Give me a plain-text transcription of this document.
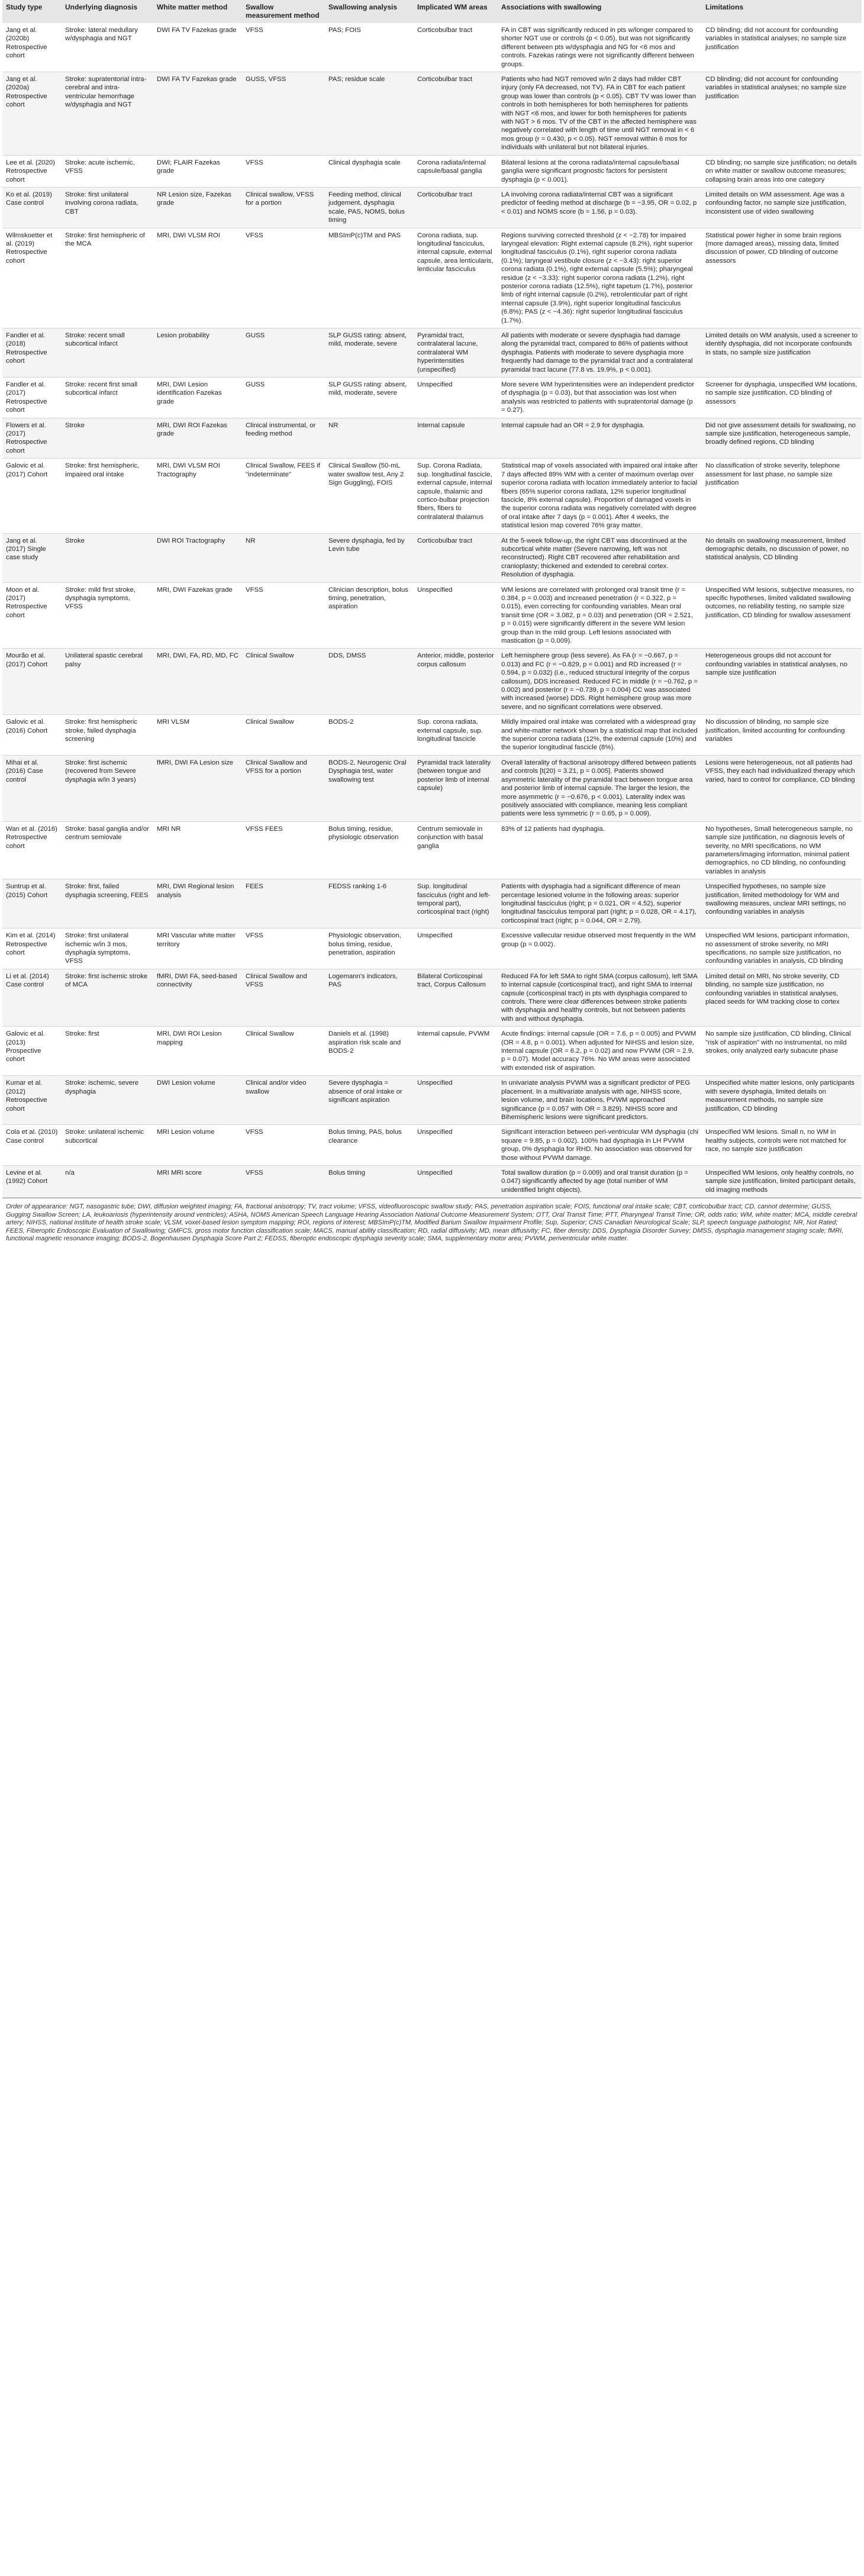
Study type	Underlying diagnosis	White matter method	Swallow measurement method	Swallowing analysis	Implicated WM areas	Associations with swallowing	Limitations
Jang et al. (2020b) Retrospective cohort	Stroke: lateral medullary w/dysphagia and NGT	DWI FA TV Fazekas grade	VFSS	PAS; FOIS	Corticobulbar tract	FA in CBT was significantly reduced in pts w/longer compared to shorter NGT use or controls (p < 0.05), but was not significantly different between pts w/dysphagia and NG for <6 mos and controls. Fazekas ratings were not significantly different between groups.	CD blinding; did not account for confounding variables in statistical analyses; no sample size justification
Jang et al. (2020a) Retrospective cohort	Stroke: supratentorial intra-cerebral and intra-ventricular hemorrhage w/dysphagia and NGT	DWI FA TV Fazekas grade	GUSS, VFSS	PAS; residue scale	Corticobulbar tract	Patients who had NGT removed w/in 2 days had milder CBT injury (only FA decreased, not TV). FA in CBT for each patient group was lower than controls (p < 0.05). CBT TV was lower than controls in both hemispheres for both hemispheres for patients with NGT <6 mos, and lower for both hemispheres for patients with NGT > 6 mos. TV of the CBT in the affected hemisphere was negatively correlated with length of time until NGT removal in < 6 mos group (r = 0.430, p < 0.05). NGT removal within 6 mos for individuals with unilateral but not bilateral injuries.	CD blinding; did not account for confounding variables in statistical analyses; no sample size justification
Lee et al. (2020) Retrospective cohort	Stroke: acute ischemic, VFSS	DWI; FLAIR Fazekas grade	VFSS	Clinical dysphagia scale	Corona radiata/internal capsule/basal ganglia	Bilateral lesions at the corona radiata/internal capsule/basal ganglia were significant prognostic factors for persistent dysphagia (p < 0.001).	CD blinding; no sample size justification; no details on white matter or swallow outcome measures; collapsing brain areas into one category
Ko et al. (2019) Case control	Stroke: first unilateral involving corona radiata, CBT	NR Lesion size, Fazekas grade	Clinical swallow, VFSS for a portion	Feeding method, clinical judgement, dysphagia scale, PAS, NOMS, bolus timing	Corticobulbar tract	LA involving corona radiata/internal CBT was a significant predictor of feeding method at discharge (b = −3.95, OR = 0.02, p < 0.01) and NOMS score (b = 1.56, p = 0.03).	Limited details on WM assessment. Age was a confounding factor, no sample size justification, inconsistent use of video swallowing
Wilmskoetter et al. (2019) Retrospective cohort	Stroke: first hemispheric of the MCA	MRI, DWI VLSM ROI	VFSS	MBSImP(c)TM and PAS	Corona radiata, sup. longitudinal fasciculus, internal capsule, external capsule, area lenticularis, lenticular fasciculus	Regions surviving corrected threshold (z < −2.78) for impaired laryngeal elevation: Right external capsule (8.2%), right superior longitudinal fasciculus (0.1%), right superior corona radiata (0.1%); laryngeal vestibule closure (z < −3.43): right superior corona radiata (0.1%), right external capsule (5.5%); pharyngeal residue (z < −3.33): right superior corona radiata (1.2%), right posterior corona radiata (12.5%), right tapetum (1.7%), posterior limb of right internal capsule (0.2%), retrolenticular part of right internal capsule (3.9%), right superior longitudinal fasciculus (6.8%); PAS (z < −4.36): right superior longitudinal fasciculus (1.7%).	Statistical power higher in some brain regions (more damaged areas), missing data, limited discussion of power, CD blinding of outcome assessors
Fandler et al. (2018) Retrospective cohort	Stroke: recent small subcortical infarct	Lesion probability	GUSS	SLP GUSS rating: absent, mild, moderate, severe	Pyramidal tract, contralateral lacune, contralateral WM hyperintensities (unspecified)	All patients with moderate or severe dysphagia had damage along the pyramidal tract, compared to 86% of patients without dysphagia. Patients with moderate to severe dysphagia more frequently had damage to the pyramidal tract and a contralateral pyramidal tract lacune (77.8 vs. 19.9%, p < 0.001).	Limited details on WM analysis, used a screener to identify dysphagia, did not incorporate confounds in stats, no sample size justification
Fandler et al. (2017) Retrospective cohort	Stroke: recent first small subcortical infarct	MRI, DWI Lesion identification Fazekas grade	GUSS	SLP GUSS rating: absent, mild, moderate, severe	Unspecified	More severe WM hyperintensities were an independent predictor of dysphagia (p = 0.03), but that association was lost when analysis was restricted to patients with supratentorial damage (p = 0.27).	Screener for dysphagia, unspecified WM locations, no sample size justification, CD blinding of assessors
Flowers et al. (2017) Retrospective cohort	Stroke	MRI, DWI ROI Fazekas grade	Clinical instrumental, or feeding method	NR	Internal capsule	Internal capsule had an OR = 2.9 for dysphagia.	Did not give assessment details for swallowing, no sample size justification, heterogeneous sample, broadly defined regions, CD blinding
Galovic et al. (2017) Cohort	Stroke: first hemispheric, impaired oral intake	MRI, DWI VLSM ROI Tractography	Clinical Swallow, FEES if "indeterminate"	Clinical Swallow (50-mL water swallow test, Any 2 Sign Guggling), FOIS	Sup. Corona Radiata, sup. longitudinal fascicle, external capsule, internal capsule, thalamic and cortico-bulbar projection fibers, fibers to contralateral thalamus	Statistical map of voxels associated with impaired oral intake after 7 days affected 89% WM with a center of maximum overlap over superior corona radiata with location immediately anterior to facial fibers (65% superior corona radiata, 12% superior longitudinal fascicle, 8% external capsule). Proportion of damaged voxels in the superior corona radiata was negatively correlated with degree of oral intake after 7 days (p = 0.001). After 4 weeks, the statistical lesion map covered 76% gray matter.	No classification of stroke severity, telephone assessment for last phase, no sample size justification
Jang et al. (2017) Single case study	Stroke	DWI ROI Tractography	NR	Severe dysphagia, fed by Levin tube	Corticobulbar tract	At the 5-week follow-up, the right CBT was discontinued at the subcortical white matter (Severe narrowing, left was not reconstructed). Right CBT recovered after rehabilitation and cranioplasty; thickened and extended to cerebral cortex. Resolution of dysphagia.	No details on swallowing measurement, limited demographic details, no discussion of power, no statistical analysis, CD blinding
Moon et al. (2017) Retrospective cohort	Stroke: mild first stroke, dysphagia symptoms, VFSS	MRI, DWI Fazekas grade	VFSS	Clinician description, bolus timing, penetration, aspiration	Unspecified	WM lesions are correlated with prolonged oral transit time (r = 0.384, p = 0.003) and increased penetration (r = 0.322, p = 0.015), even correcting for confounding variables. Mean oral transit time (OR = 3.082, p = 0.03) and penetration (OR = 2.521, p = 0.015) were significantly different in the severe WM lesion group than in the mild group. Left lesions associated with mastication (p = 0.009).	Unspecified WM lesions, subjective measures, no specific hypotheses, limited validated swallowing outcomes, no reliability testing, no sample size justification, CD blinding for swallow assessment
Mourão et al. (2017) Cohort	Unilateral spastic cerebral palsy	MRI, DWI, FA, RD, MD, FC	Clinical Swallow	DDS, DMSS	Anterior, middle, posterior corpus callosum	Left hemisphere group (less severe). As FA (r = −0.667, p = 0.013) and FC (r = −0.829, p = 0.001) and RD increased (r = 0.594, p = 0.032) (i.e., reduced structural integrity of the corpus callosum), DDS increased. Reduced FC in middle (r = −0.762, p = 0.002) and posterior (r = −0.739, p = 0.004) CC was associated with increased (worse) DDS. Right hemisphere group was more severe, and no significant correlations were observed.	Heterogeneous groups did not account for confounding variables in statistical analyses, no sample size justification
Galovic et al. (2016) Cohort	Stroke: first hemispheric stroke, failed dysphagia screening	MRI VLSM	Clinical Swallow	BODS-2	Sup. corona radiata, external capsule, sup. longitudinal fascicle	Mildly impaired oral intake was correlated with a widespread gray and white-matter network shown by a statistical map that included the superior corona radiata (12%, the external capsule (10%) and the superior longitudinal fascicle (8%).	No discussion of blinding, no sample size justification, limited accounting for confounding variables
Mihai et al. (2016) Case control	Stroke: first ischemic (recovered from Severe dysphagia w/in 3 years)	fMRI, DWI FA Lesion size	Clinical Swallow and VFSS for a portion	BODS-2, Neurogenic Oral Dysphagia test, water swallowing test	Pyramidal track laterality (between tongue and posterior limb of internal capsule)	Overall laterality of fractional anisotropy differed between patients and controls [t(20) = 3.21, p = 0.005]. Patients showed asymmetric laterality of the pyramidal tract between tongue area and posterior limb of internal capsule. The larger the lesion, the more asymmetric (r = −0.676, p < 0.001). Laterality index was positively associated with compliance, meaning less compliant patients were less symmetric (r = 0.65, p = 0.009).	Lesions were heterogeneous, not all patients had VFSS, they each had individualized therapy which varied, hard to control for compliance, CD blinding
Wan et al. (2016) Retrospective cohort	Stroke: basal ganglia and/or centrum semiovale	MRI NR	VFSS FEES	Bolus timing, residue, physiologic observation	Centrum semiovale in conjunction with basal ganglia	83% of 12 patients had dysphagia.	No hypotheses, Small heterogeneous sample, no sample size justification, no diagnosis levels of severity, no MRI specifications, no WM parameters/imaging information, minimal patient demographics, no CD blinding, no confounding variables in analysis
Suntrup et al. (2015) Cohort	Stroke: first, failed dysphagia screening, FEES	MRI, DWI Regional lesion analysis	FEES	FEDSS ranking 1-6	Sup. longitudinal fasciculus (right and left-temporal part), corticospinal tract (right)	Patients with dysphagia had a significant difference of mean percentage lesioned volume in the following areas: superior longitudinal fasciculus (right; p = 0.021, OR = 4.52), superior longitudinal fasciculus temporal part (right; p = 0.028, OR = 4.17), corticospinal tract (right; p = 0.044, OR = 2.79).	Unspecified hypotheses, no sample size justification, limited methodology for WM and swallowing measures, unclear MRI settings, no confounding variables in analysis
Kim et al. (2014) Retrospective cohort	Stroke: first unilateral ischemic w/in 3 mos, dysphagia symptoms, VFSS	MRI Vascular white matter territory	VFSS	Physiologic observation, bolus timing, residue, penetration, aspiration	Unspecified	Excessive vallecular residue observed most frequently in the WM group (p = 0.002).	Unspecified WM lesions, participant information, no assessment of stroke severity, no MRI specifications, no sample size justification, no confounding variables in analysis, CD blinding
Li et al. (2014) Case control	Stroke: first ischemic stroke of MCA	fMRI, DWI FA, seed-based connectivity	Clinical Swallow and VFSS	Logemann's indicators, PAS	Bilateral Corticospinal tract, Corpus Callosum	Reduced FA for left SMA to right SMA (corpus callosum), left SMA to internal capsule (corticospinal tract), and right SMA to internal capsule (corticospinal tract) in pts with dysphagia compared to controls. There were clear differences between stroke patients with dysphagia and healthy controls, but not between patients with and without dysphagia.	Limited detail on MRI, No stroke severity, CD blinding, no sample size justification, no confounding variables in statistical analyses, placed seeds for WM tracking close to cortex
Galovic et al. (2013) Prospective cohort	Stroke: first	MRI, DWI ROI Lesion mapping	Clinical Swallow	Daniels et al. (1998) aspiration risk scale and BODS-2	Internal capsule, PVWM	Acute findings: internal capsule (OR = 7.6, p = 0.005) and PVWM (OR = 4.8, p = 0.001). When adjusted for NIHSS and lesion size, internal capsule (OR = 6.2, p = 0.02) and now PVWM (OR = 2.9, p = 0.07). Model accuracy 76%. No WM areas were associated with extended risk of aspiration.	No sample size justification, CD blinding, Clinical "risk of aspiration" with no instrumental, no mild strokes, only analyzed early subacute phase
Kumar et al. (2012) Retrospective cohort	Stroke: ischemic, severe dysphagia	DWI Lesion volume	Clinical and/or video swallow	Severe dysphagia = absence of oral intake or significant aspiration	Unspecified	In univariate analysis PVWM was a significant predictor of PEG placement. In a multivariate analysis with age, NIHSS score, lesion volume, and brain locations, PVWM approached significance (p = 0.057 with OR = 3.829). NIHSS score and Bihemispheric lesions were significant predictors.	Unspecified white matter lesions, only participants with severe dysphagia, limited details on measurement methods, no sample size justification, CD blinding
Cola et al. (2010) Case control	Stroke: unilateral ischemic subcortical	MRI Lesion volume	VFSS	Bolus timing, PAS, bolus clearance	Unspecified	Significant interaction between peri-ventricular WM dysphagia (chi square = 9.85, p = 0.002). 100% had dysphagia in LH PVWM group, 0% dysphagia for RHD. No association was observed for those without PVWM damage.	Unspecified WM lesions. Small n, no WM in healthy subjects, controls were not matched for race, no sample size justification
Levine et al. (1992) Cohort	n/a	MRI MRI score	VFSS	Bolus timing	Unspecified	Total swallow duration (p = 0.009) and oral transit duration (p = 0.047) significantly affected by age (total number of WM unidentified bright objects).	Unspecified WM lesions, only healthy controls, no sample size justification, limited participant details, old imaging methods
Order of appearance: NGT, nasogastric tube; DWI, diffusion weighted imaging; FA, fractional anisotropy; TV, tract volume; VFSS, videofluoroscopic swallow study; PAS, penetration aspiration scale; FOIS, functional oral intake scale; CBT, corticobulbar tract; CD, cannot determine; GUSS, Gugging Swallow Screen; LA, leukoariosis (hyperintensity around ventricles); ASHA, NOMS American Speech Language Hearing Association National Outcome Measurement System; OTT, Oral Transit Time; PTT, Pharyngeal Transit Time; OR, odds ratio; WM, white matter; MCA, middle cerebral artery; NIHSS, national institute of health stroke scale; VLSM, voxel-based lesion symptom mapping; ROI, regions of interest; MBSImP(c)TM, Modified Barium Swallow Impairment Profile; Sup, Superior; CNS Canadian Neurological Scale; SLP, speech language pathologist; NR, Not Rated; FEES, Fiberoptic Endoscopic Evaluation of Swallowing; GMFCS, gross motor function classification scale; MACS, manual ability classification; RD, radial diffusivity; MD, mean diffusivity; FC, fiber density; DDS, Dysphagia Disorder Survey; DMSS, dysphagia management staging scale; fMRI, functional magnetic resonance imaging; BODS-2, Bogenhausen Dysphagia Score Part 2; FEDSS, fiberoptic endoscopic dysphagia severity scale; SMA, supplementary motor area; PVWM, periventricular white matter.
